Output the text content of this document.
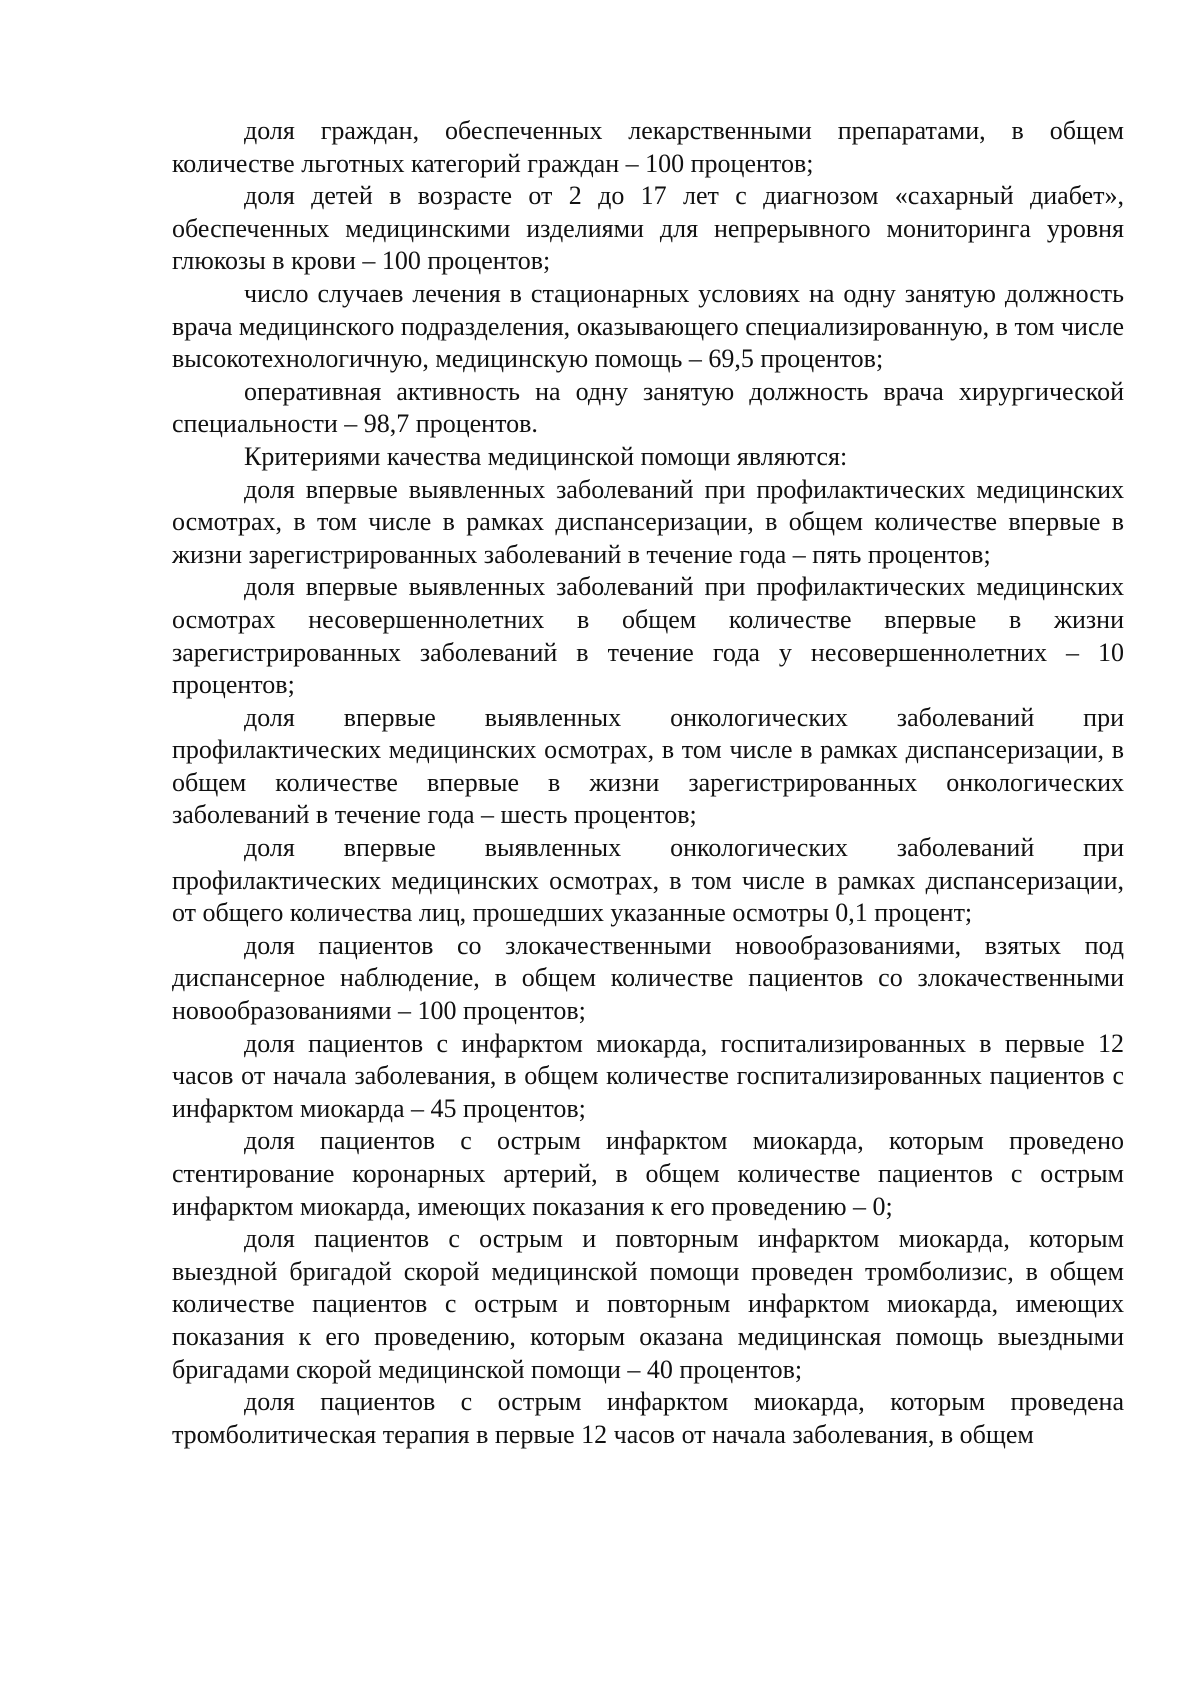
доля граждан, обеспеченных лекарственными препаратами, в общем количестве льготных категорий граждан – 100 процентов;

доля детей в возрасте от 2 до 17 лет с диагнозом «сахарный диабет», обеспеченных медицинскими изделиями для непрерывного мониторинга уровня глюкозы в крови – 100 процентов;

число случаев лечения в стационарных условиях на одну занятую должность врача медицинского подразделения, оказывающего специализированную, в том числе высокотехнологичную, медицинскую помощь – 69,5 процентов;

оперативная активность на одну занятую должность врача хирургической специальности – 98,7 процентов.

Критериями качества медицинской помощи являются:

доля впервые выявленных заболеваний при профилактических медицинских осмотрах, в том числе в рамках диспансеризации, в общем количестве впервые в жизни зарегистрированных заболеваний в течение года – пять процентов;

доля впервые выявленных заболеваний при профилактических медицинских осмотрах несовершеннолетних в общем количестве впервые в жизни зарегистрированных заболеваний в течение года у несовершеннолетних – 10 процентов;

доля впервые выявленных онкологических заболеваний при профилактических медицинских осмотрах, в том числе в рамках диспансеризации, в общем количестве впервые в жизни зарегистрированных онкологических заболеваний в течение года – шесть процентов;

доля впервые выявленных онкологических заболеваний при профилактических медицинских осмотрах, в том числе в рамках диспансеризации, от общего количества лиц, прошедших указанные осмотры 0,1 процент;

доля пациентов со злокачественными новообразованиями, взятых под диспансерное наблюдение, в общем количестве пациентов со злокачественными новообразованиями – 100 процентов;

доля пациентов с инфарктом миокарда, госпитализированных в первые 12 часов от начала заболевания, в общем количестве госпитализированных пациентов с инфарктом миокарда – 45 процентов;

доля пациентов с острым инфарктом миокарда, которым проведено стентирование коронарных артерий, в общем количестве пациентов с острым инфарктом миокарда, имеющих показания к его проведению – 0;

доля пациентов с острым и повторным инфарктом миокарда, которым выездной бригадой скорой медицинской помощи проведен тромболизис, в общем количестве пациентов с острым и повторным инфарктом миокарда, имеющих показания к его проведению, которым оказана медицинская помощь выездными бригадами скорой медицинской помощи – 40 процентов;

доля пациентов с острым инфарктом миокарда, которым проведена тромболитическая терапия в первые 12 часов от начала заболевания, в общем
